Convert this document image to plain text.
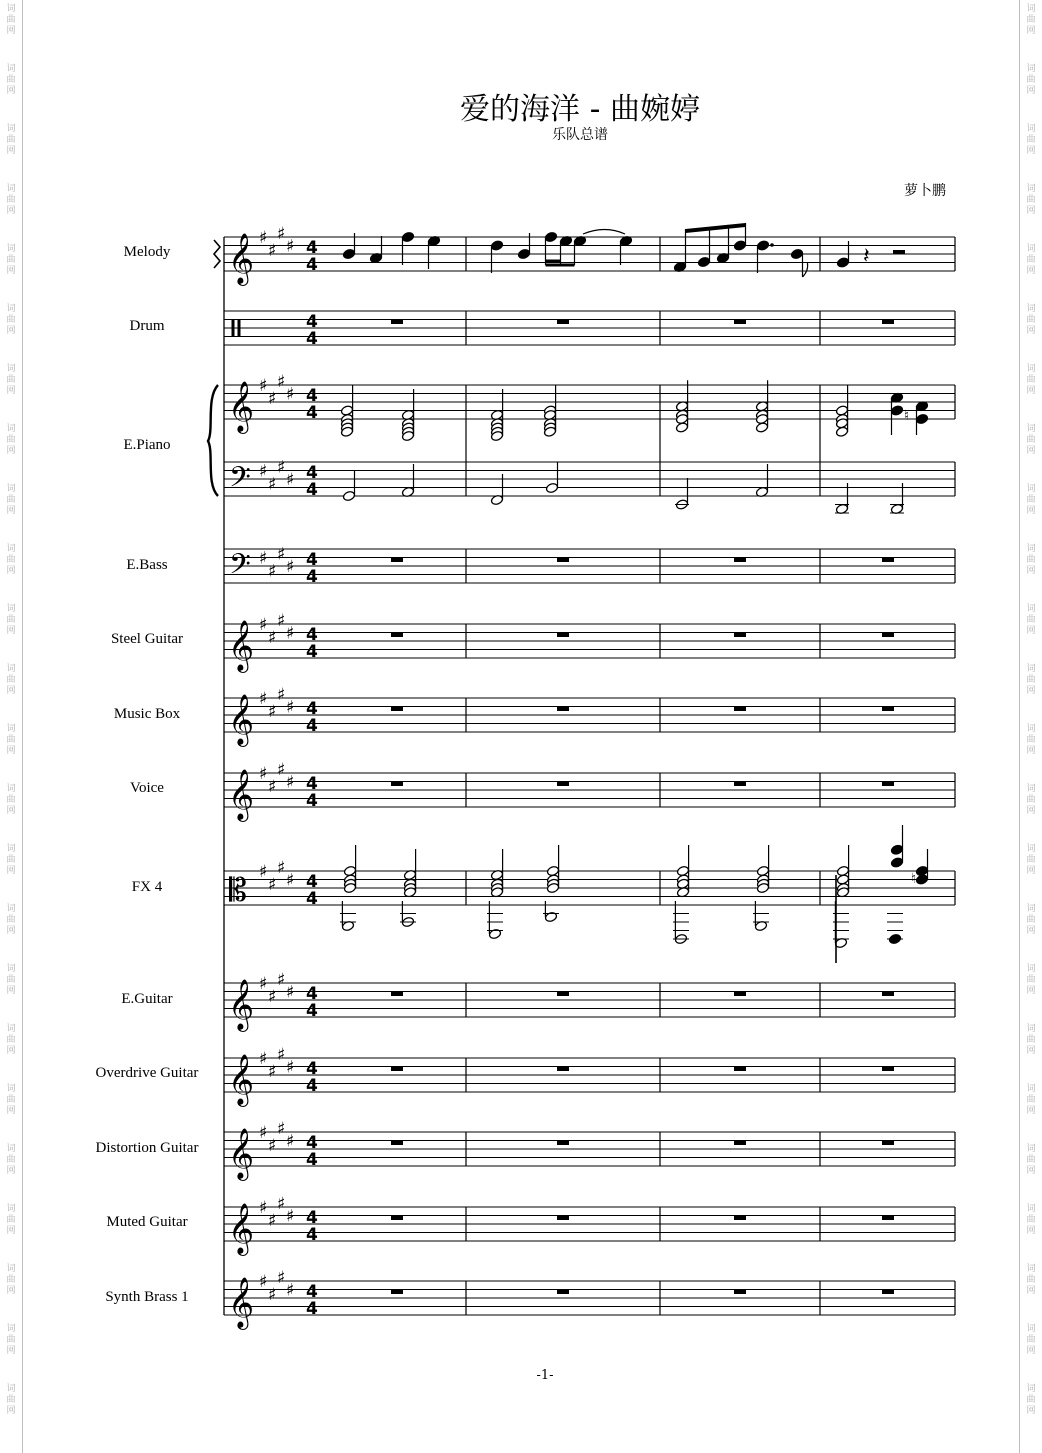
词
曲
网
词
曲
网
词
曲
网
词
曲
网
词
曲
网
词
曲
网
词
曲
网
词
曲
网
词
曲
网
词
曲
网
词
曲
网
词
曲
网
词
曲
网
词
曲
网
词
曲
网
词
曲
网
词
曲
网
词
曲
网
词
曲
网
词
曲
网
词
曲
网
词
曲
网
词
曲
网
词
曲
网
词
曲
网
词
曲
网
词
曲
网
词
曲
网
词
曲
网
词
曲
网
词
曲
网
词
曲
网
词
曲
网
词
曲
网
词
曲
网
词
曲
网
词
曲
网
词
曲
网
词
曲
网
词
曲
网
词
曲
网
词
曲
网
词
曲
网
词
曲
网
词
曲
网
词
曲
网
词
曲
网
词
曲
网
爱的海洋 - 曲婉婷
乐队总谱
萝卜鹏
Melody
Drum
E.Piano
E.Bass
Steel Guitar
Music Box
Voice
FX 4
E.Guitar
Overdrive Guitar
Distortion Guitar
Muted Guitar
Synth Brass 1
𝄞 ♯
♯
♯
♯ 4
4
4
4
𝄞 ♯
♯
♯
♯ 4
4
𝄢 ♯
♯
♯
♯ 4
4
𝄢 ♯
♯
♯
♯ 4
4
𝄞 ♯
♯
♯
♯ 4
4
𝄞 ♯
♯
♯
♯ 4
4
𝄞 ♯
♯
♯
♯ 4
4
𝄡 ♯
♯
♯
♯ 4
4
𝄞 ♯
♯
♯
♯ 4
4
𝄞 ♯
♯
♯
♯ 4
4
𝄞 ♯
♯
♯
♯ 4
4
𝄞 ♯
♯
♯
♯ 4
4
𝄞 ♯
♯
♯
♯ 4
4
𝄽
♮
♮
-1-
